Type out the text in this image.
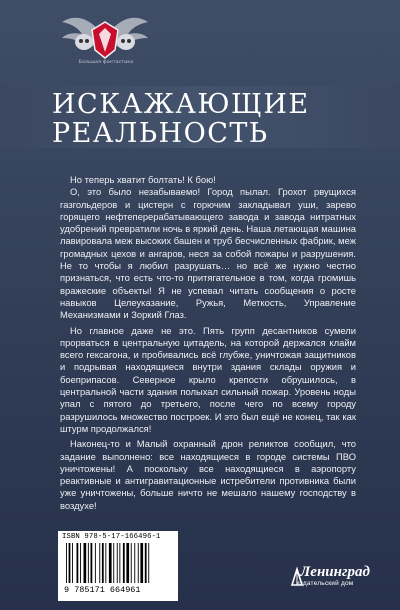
Большая фантастика
ИСКАЖАЮЩИЕ
РЕАЛЬНОСТЬ

Но теперь хватит болтать! К бою!

О, это было незабываемо! Город пылал. Грохот рвущихся газгольдеров и цистерн с горючим закладывал уши, зарево горящего нефтеперерабатывающего завода и завода нитратных удобрений превратили ночь в яркий день. Наша летающая машина лавировала меж высоких башен и труб бесчисленных фабрик, меж громадных цехов и ангаров, неся за собой пожары и разрушения. Не то чтобы я любил разрушать… но всё же нужно честно признаться, что есть что-то притягательное в том, когда громишь вражеские объекты! Я не успевал читать сообщения о росте навыков Целеуказание, Ружья, Меткость, Управление Механизмами и Зоркий Глаз.

Но главное даже не это. Пять групп десантников сумели прорваться в центральную цитадель, на которой держался клайм всего гексагона, и пробивались всё глубже, уничтожая защитников и подрывая находящиеся внутри здания склады оружия и боеприпасов. Северное крыло крепости обрушилось, в центральной части здания полыхал сильный пожар. Уровень ноды упал с пятого до третьего, после чего по всему городу разрушилось множество построек. И это был ещё не конец, так как штурм продолжался!

Наконец-то и Малый охранный дрон реликтов сообщил, что задание выполнено: все находящиеся в городе системы ПВО уничтожены! А поскольку все находящиеся в аэропорту реактивные и антигравитационные истребители противника были уже уничтожены, больше ничто не мешало нашему господству в воздухе!

ISBN 978-5-17-166496-1
9 785171 664961
Ленинград
издательский дом
